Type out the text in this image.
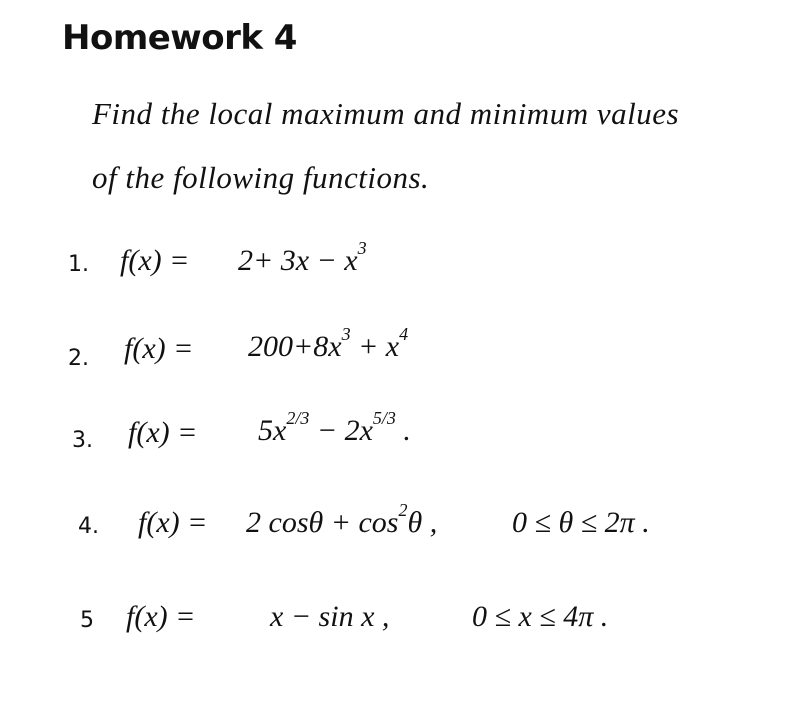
Homework 4
Find the local maximum and minimum values
of the following functions.
1. $f(x) = 2+ 3x - x^3$
2. $f(x) = 200+8x^3 + x^4$
3. $f(x) = 5x^{2/3} - 2x^{5/3}$ .
4. f(x) = 2 $\cos\theta + \cos^2\theta$ , 0 ≤ θ ≤ 2π .
5 f(x) = x − sin x ,	0 ≤ x ≤ 4π .
